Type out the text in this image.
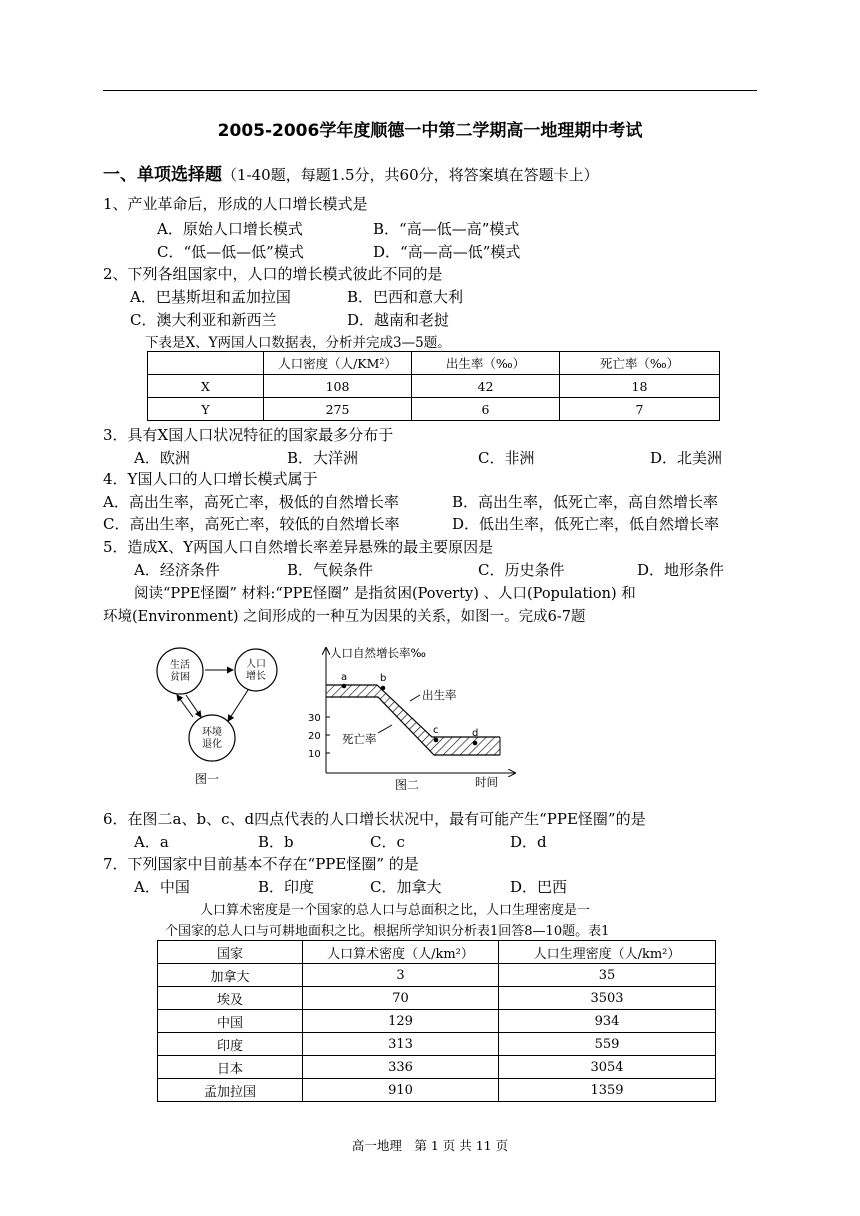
2005-2006学年度顺德一中第二学期高一地理期中考试
一、单项选择题（1-40题，每题1.5分，共60分，将答案填在答题卡上）
1、产业革命后，形成的人口增长模式是
A．原始人口增长模式	B．“高—低—高”模式
C．“低—低—低”模式	D．“高—高—低”模式
2、下列各组国家中，人口的增长模式彼此不同的是
A．巴基斯坦和孟加拉国	B．巴西和意大利
C．澳大利亚和新西兰	D．越南和老挝
下表是X、Y两国人口数据表，分析并完成3—5题。
	人口密度（人/KM²）	出生率（‰）	死亡率（‰）
X	108	42	18
Y	275	6	7
3．具有X国人口状况特征的国家最多分布于
A．欧洲	B．大洋洲	C．非洲	D．北美洲
4．Y国人口的人口增长模式属于
A．高出生率，高死亡率，极低的自然增长率	B．高出生率，低死亡率，高自然增长率
C．高出生率，高死亡率，较低的自然增长率	D．低出生率，低死亡率，低自然增长率
5．造成X、Y两国人口自然增长率差异悬殊的最主要原因是
A．经济条件	B．气候条件	C．历史条件	D．地形条件
阅读“PPE怪圈” 材料:“PPE怪圈” 是指贫困(Poverty) 、人口(Population) 和
环境(Environment) 之间形成的一种互为因果的关系，如图一。完成6-7题
生活
贫困
人口
增长
环境
退化
图一
30
20
10
人口自然增长率‰
时间
a	b
c	d
出生率
死亡率
图二
6．在图二a、b、c、d四点代表的人口增长状况中，最有可能产生“PPE怪圈”的是
A．a	B．b	C．c	D．d
7．下列国家中目前基本不存在“PPE怪圈” 的是
A．中国	B．印度	C．加拿大	D．巴西
人口算术密度是一个国家的总人口与总面积之比，人口生理密度是一
个国家的总人口与可耕地面积之比。根据所学知识分析表1回答8—10题。表1
国家	人口算术密度（人/km²）	人口生理密度（人/km²）
加拿大	3	35
埃及	70	3503
中国	129	934
印度	313	559
日本	336	3054
孟加拉国	910	1359
高一地理　第 1 页 共 11 页
